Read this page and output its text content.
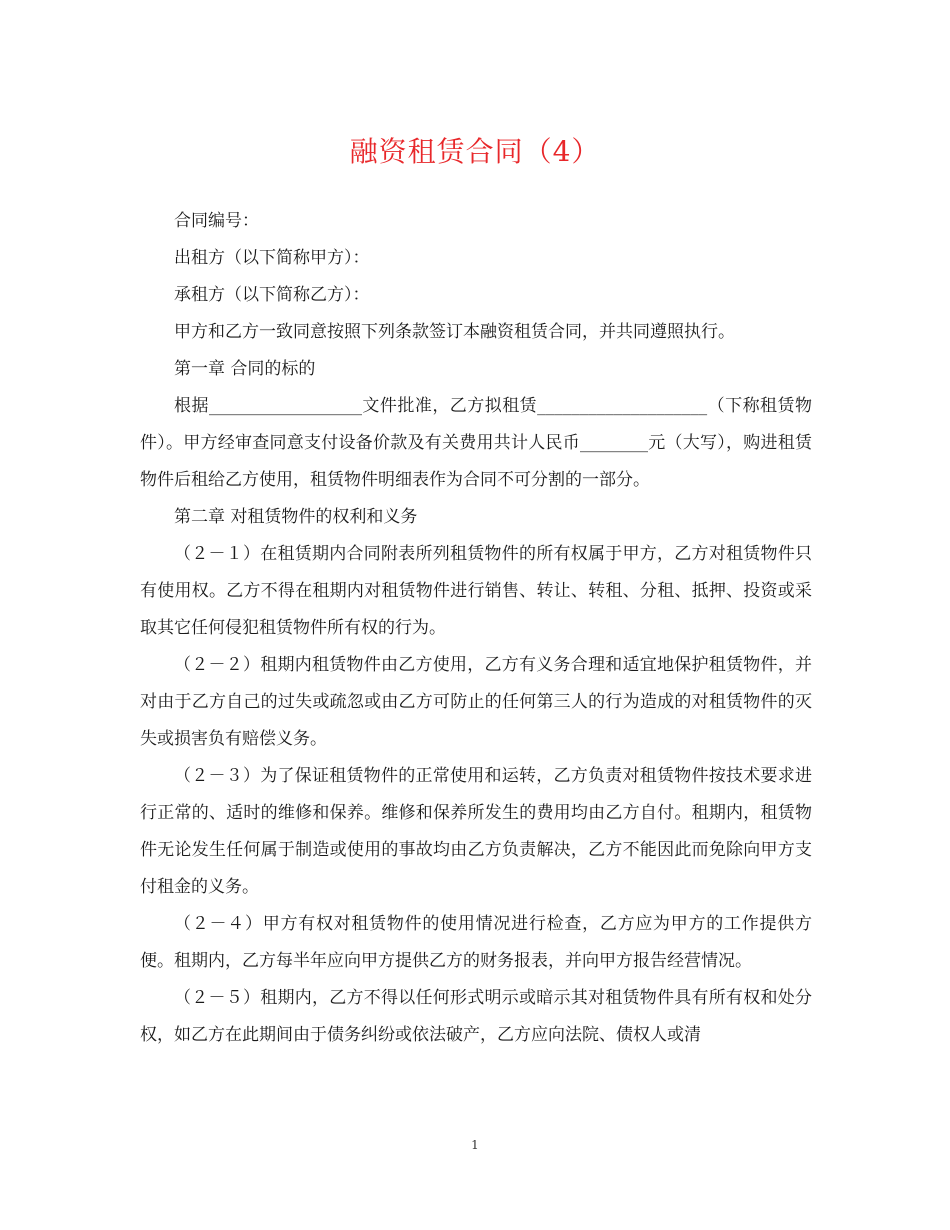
融资租赁合同（4）

合同编号：

出租方（以下简称甲方）：

承租方（以下简称乙方）：

甲方和乙方一致同意按照下列条款签订本融资租赁合同，并共同遵照执行。

第一章 合同的标的

根据__________________文件批准，乙方拟租赁____________________（下称租赁物件）。甲方经审查同意支付设备价款及有关费用共计人民币________元（大写），购进租赁物件后租给乙方使用，租赁物件明细表作为合同不可分割的一部分。

第二章 对租赁物件的权利和义务

（２－１）在租赁期内合同附表所列租赁物件的所有权属于甲方，乙方对租赁物件只有使用权。乙方不得在租期内对租赁物件进行销售、转让、转租、分租、抵押、投资或采取其它任何侵犯租赁物件所有权的行为。

（２－２）租期内租赁物件由乙方使用，乙方有义务合理和适宜地保护租赁物件，并对由于乙方自己的过失或疏忽或由乙方可防止的任何第三人的行为造成的对租赁物件的灭失或损害负有赔偿义务。

（２－３）为了保证租赁物件的正常使用和运转，乙方负责对租赁物件按技术要求进行正常的、适时的维修和保养。维修和保养所发生的费用均由乙方自付。租期内，租赁物件无论发生任何属于制造或使用的事故均由乙方负责解决，乙方不能因此而免除向甲方支付租金的义务。

（２－４）甲方有权对租赁物件的使用情况进行检查，乙方应为甲方的工作提供方便。租期内，乙方每半年应向甲方提供乙方的财务报表，并向甲方报告经营情况。

（２－５）租期内，乙方不得以任何形式明示或暗示其对租赁物件具有所有权和处分权，如乙方在此期间由于债务纠纷或依法破产，乙方应向法院、债权人或清

1
